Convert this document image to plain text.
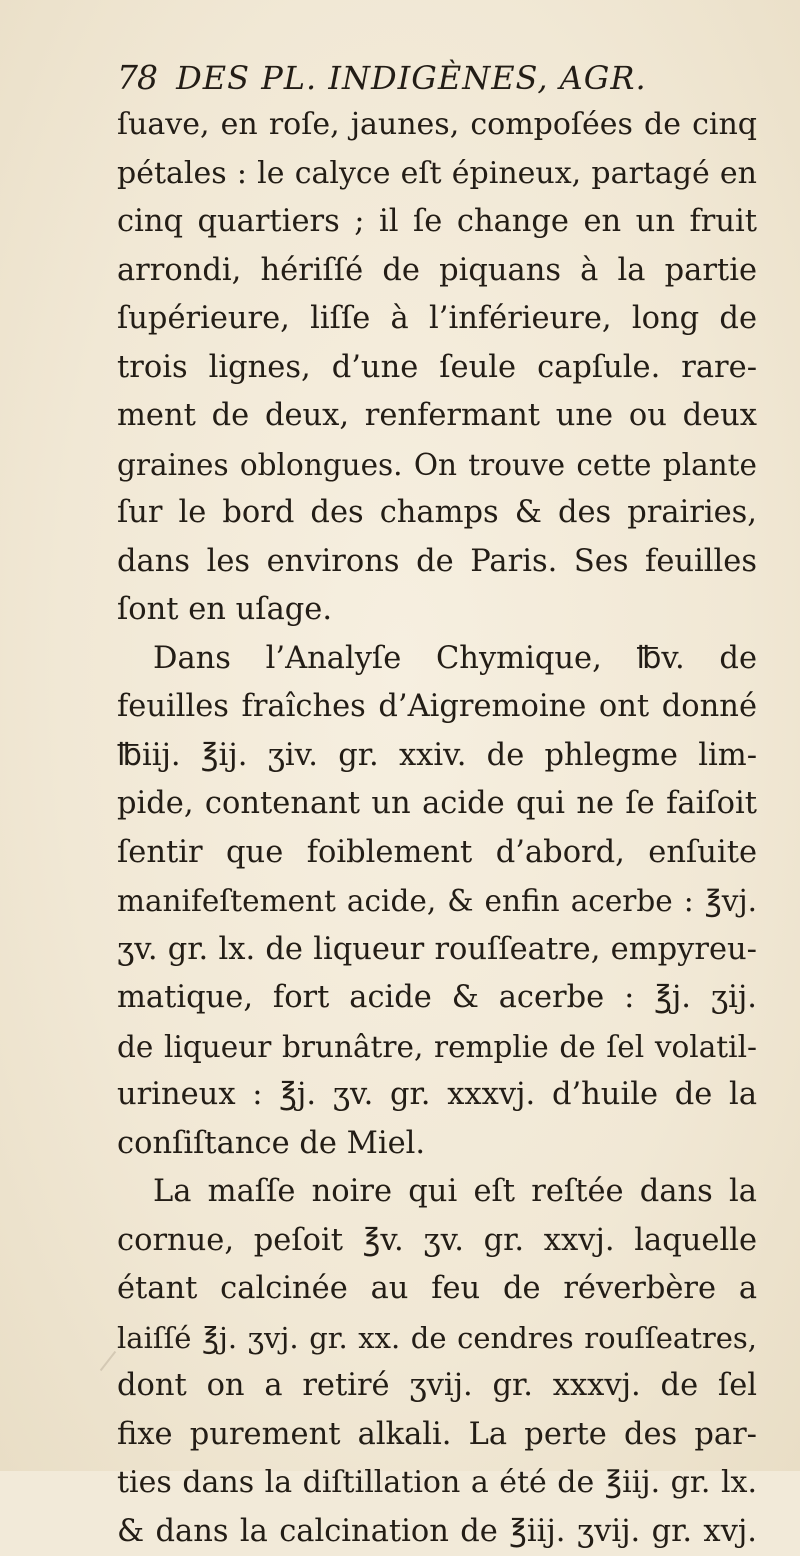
78 DES PL. INDIGÈNES, AGR.
ſuave, en roſe, jaunes, compoſées de cinq
pétales : le calyce eſt épineux, partagé en
cinq quartiers ; il ſe change en un fruit
arrondi, hériſſé de piquans à la partie
ſupérieure, liſſe à l’inférieure, long de
trois lignes, d’une ſeule capſule. rare-
ment de deux, renfermant une ou deux
graines oblongues. On trouve cette plante
ſur le bord des champs & des prairies,
dans les environs de Paris. Ses feuilles
ſont en uſage.
Dans l’Analyſe Chymique, ℔v. de
feuilles fraîches d’Aigremoine ont donné
℔iij. ℥ij. ʒiv. gr. xxiv. de phlegme lim-
pide, contenant un acide qui ne ſe faiſoit
ſentir que foiblement d’abord, enſuite
manifeſtement acide, & enfin acerbe : ℥vj.
ʒv. gr. lx. de liqueur rouſſeatre, empyreu-
matique, fort acide & acerbe : ℥j. ʒij.
de liqueur brunâtre, remplie de ſel volatil-
urineux : ℥j. ʒv. gr. xxxvj. d’huile de la
conſiſtance de Miel.
La maſſe noire qui eſt reſtée dans la
cornue, peſoit ℥v. ʒv. gr. xxvj. laquelle
étant calcinée au feu de réverbère a
laiſſé ℥j. ʒvj. gr. xx. de cendres rouſſeatres,
dont on a retiré ʒvij. gr. xxxvj. de ſel
fixe purement alkali. La perte des par-
ties dans la diſtillation a été de ℥iij. gr. lx.
& dans la calcination de ℥iij. ʒvij. gr. xvj.
